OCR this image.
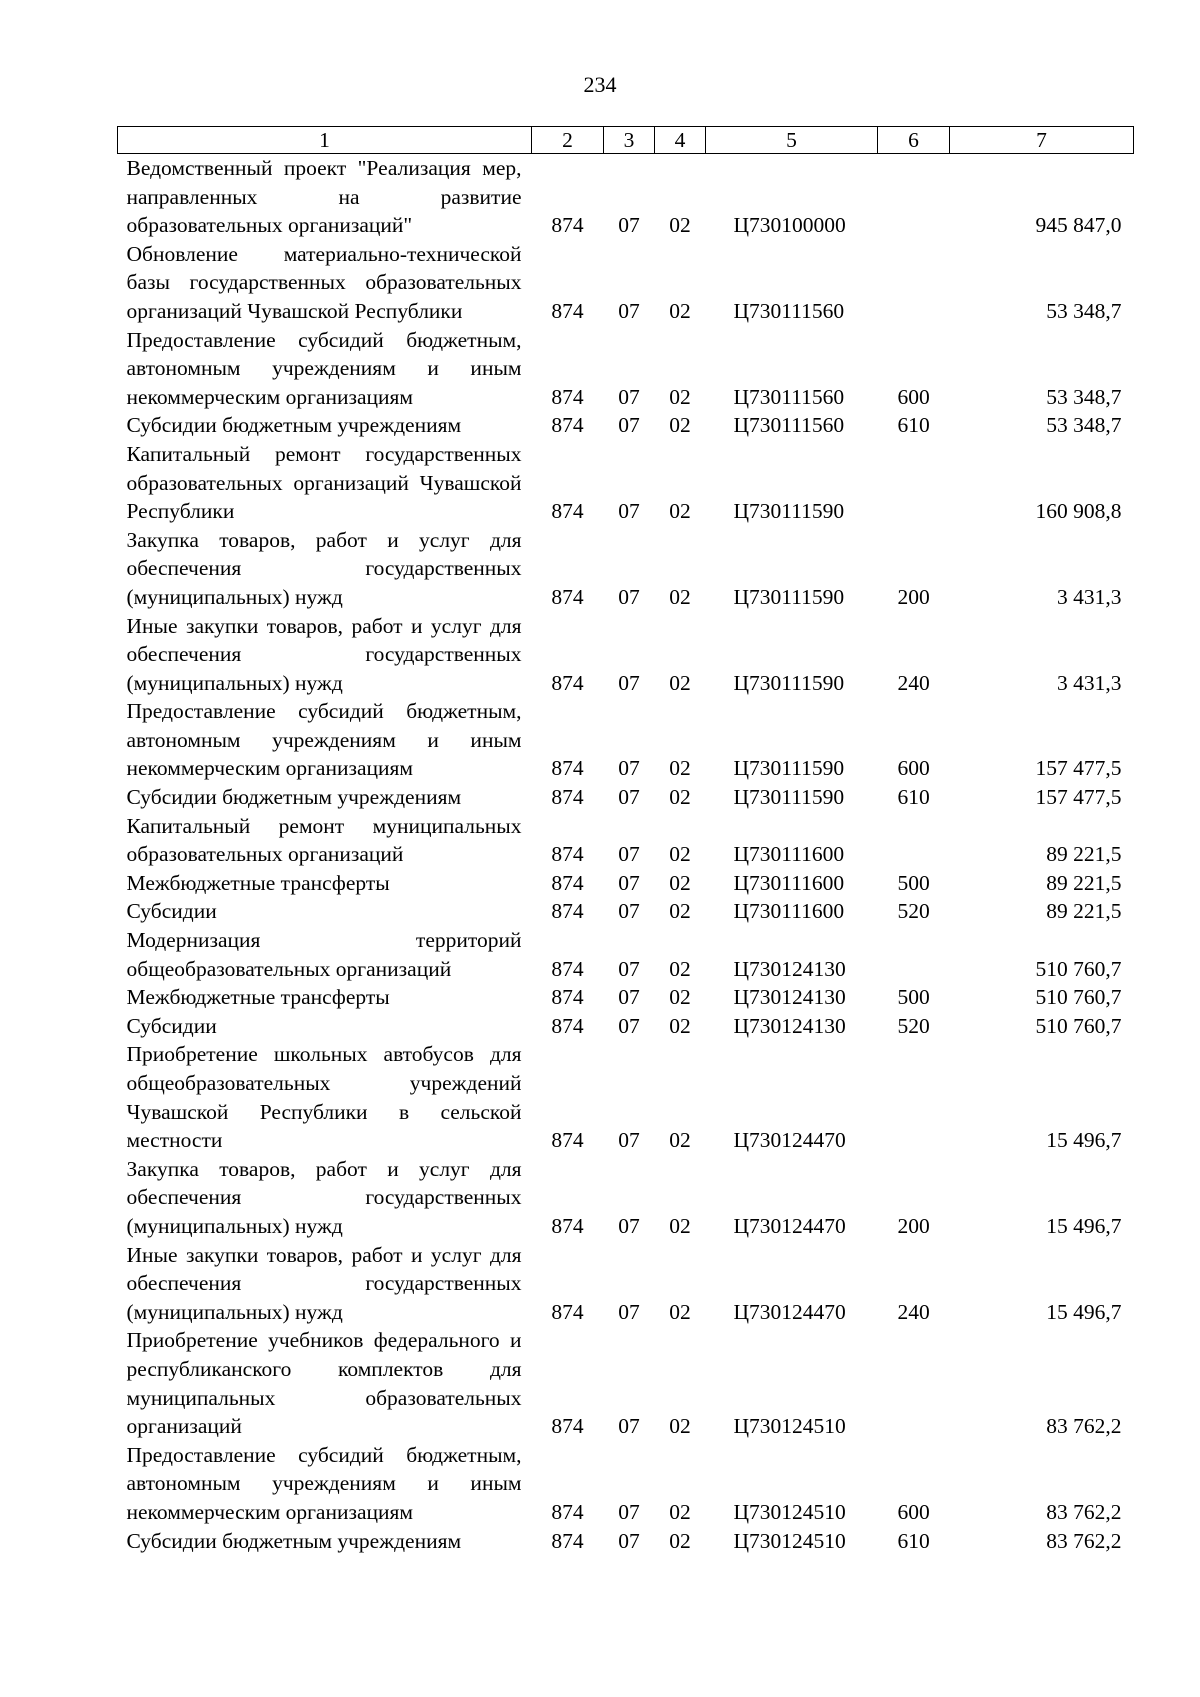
234
1	2	3	4	5	6	7
Ведомственный проект "Реализация мер, направленных на развитие образовательных организаций"	874	07	02	Ц730100000		945 847,0
Обновление материально-технической базы государственных образовательных организаций Чувашской Республики	874	07	02	Ц730111560		53 348,7
Предоставление субсидий бюджетным, автономным учреждениям и иным некоммерческим организациям	874	07	02	Ц730111560	600	53 348,7
Субсидии бюджетным учреждениям	874	07	02	Ц730111560	610	53 348,7
Капитальный ремонт государственных образовательных организаций Чувашской Республики	874	07	02	Ц730111590		160 908,8
Закупка товаров, работ и услуг для обеспечения государственных (муниципальных) нужд	874	07	02	Ц730111590	200	3 431,3
Иные закупки товаров, работ и услуг для обеспечения государственных (муниципальных) нужд	874	07	02	Ц730111590	240	3 431,3
Предоставление субсидий бюджетным, автономным учреждениям и иным некоммерческим организациям	874	07	02	Ц730111590	600	157 477,5
Субсидии бюджетным учреждениям	874	07	02	Ц730111590	610	157 477,5
Капитальный ремонт муниципальных образовательных организаций	874	07	02	Ц730111600		89 221,5
Межбюджетные трансферты	874	07	02	Ц730111600	500	89 221,5
Субсидии	874	07	02	Ц730111600	520	89 221,5
Модернизация территорий общеобразовательных организаций	874	07	02	Ц730124130		510 760,7
Межбюджетные трансферты	874	07	02	Ц730124130	500	510 760,7
Субсидии	874	07	02	Ц730124130	520	510 760,7
Приобретение школьных автобусов для общеобразовательных учреждений Чувашской Республики в сельской местности	874	07	02	Ц730124470		15 496,7
Закупка товаров, работ и услуг для обеспечения государственных (муниципальных) нужд	874	07	02	Ц730124470	200	15 496,7
Иные закупки товаров, работ и услуг для обеспечения государственных (муниципальных) нужд	874	07	02	Ц730124470	240	15 496,7
Приобретение учебников федерального и республиканского комплектов для муниципальных образовательных организаций	874	07	02	Ц730124510		83 762,2
Предоставление субсидий бюджетным, автономным учреждениям и иным некоммерческим организациям	874	07	02	Ц730124510	600	83 762,2
Субсидии бюджетным учреждениям	874	07	02	Ц730124510	610	83 762,2
